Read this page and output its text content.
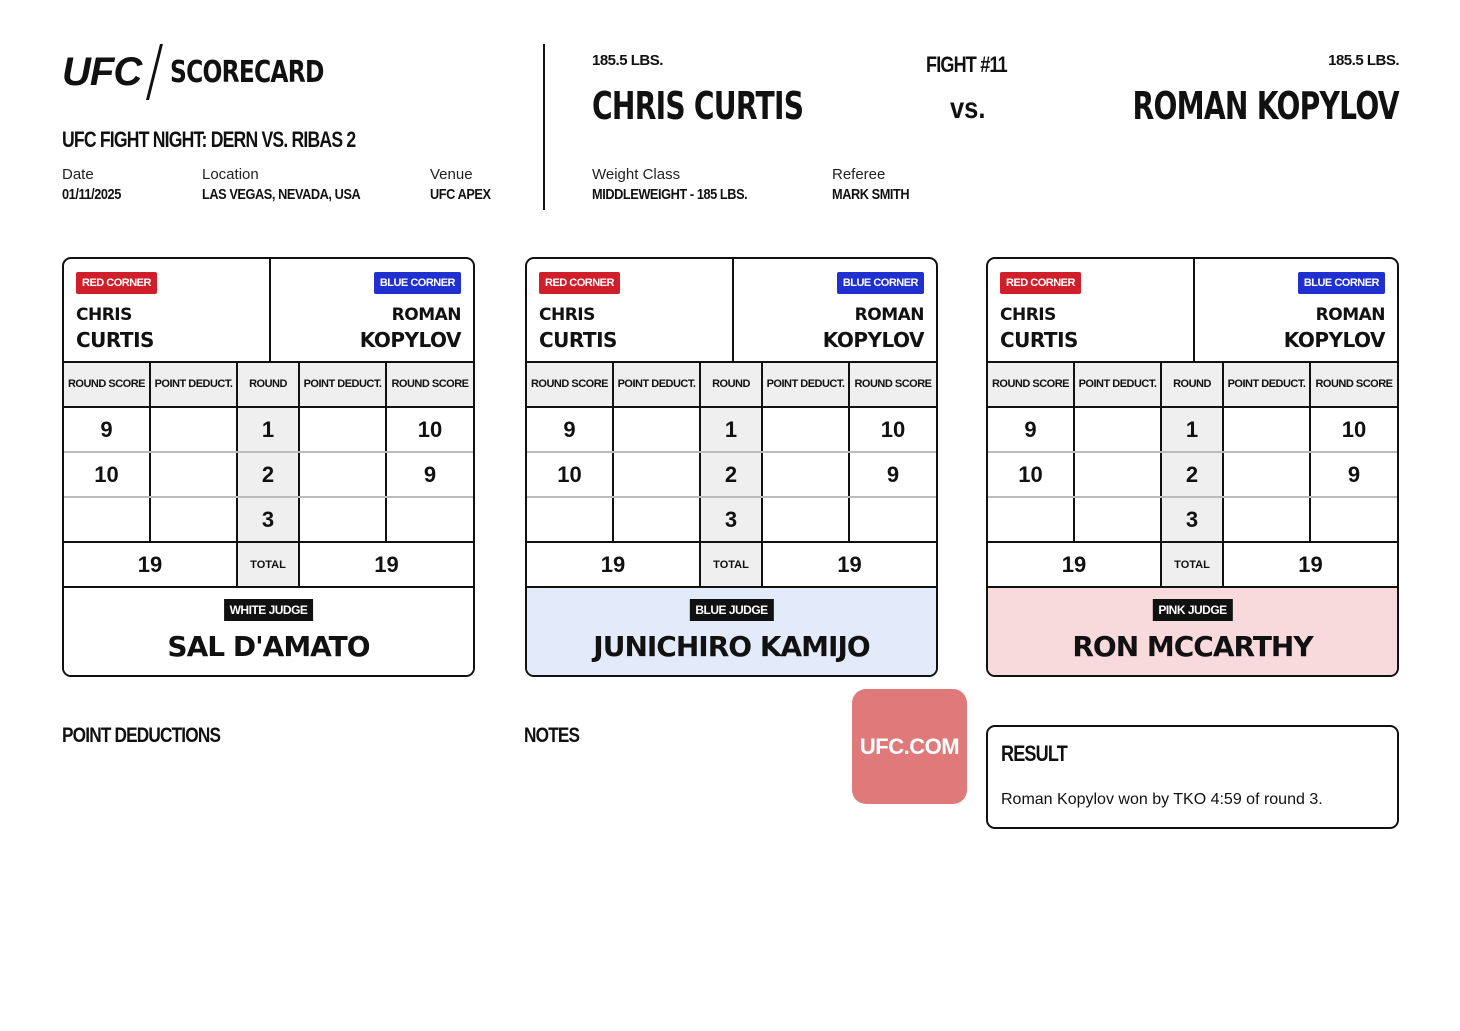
UFC SCORECARD
UFC FIGHT NIGHT: DERN VS. RIBAS 2
Date
01/11/2025
Location
LAS VEGAS, NEVADA, USA
Venue
UFC APEX
185.5 LBS.
CHRIS CURTIS
FIGHT #11
vs.
185.5 LBS.
ROMAN KOPYLOV
Weight Class
MIDDLEWEIGHT - 185 LBS.
Referee
MARK SMITH
RED CORNER	BLUE CORNER
CHRIS
CURTIS
ROMAN
KOPYLOV
ROUND SCORE	POINT DEDUCT.	ROUND	POINT DEDUCT.	ROUND SCORE
9		1		10
10		2		9
		3		
19		TOTAL	19	
WHITE JUDGE
SAL D'AMATO
RED CORNER	BLUE CORNER
CHRIS
CURTIS
ROMAN
KOPYLOV
ROUND SCORE	POINT DEDUCT.	ROUND	POINT DEDUCT.	ROUND SCORE
9		1		10
10		2		9
		3		
19		TOTAL	19	
BLUE JUDGE
JUNICHIRO KAMIJO
RED CORNER	BLUE CORNER
CHRIS
CURTIS
ROMAN
KOPYLOV
ROUND SCORE	POINT DEDUCT.	ROUND	POINT DEDUCT.	ROUND SCORE
9		1		10
10		2		9
		3		
19		TOTAL	19	
PINK JUDGE
RON MCCARTHY
POINT DEDUCTIONS	NOTES	UFC.COM	RESULT
Roman Kopylov won by TKO 4:59 of round 3.
